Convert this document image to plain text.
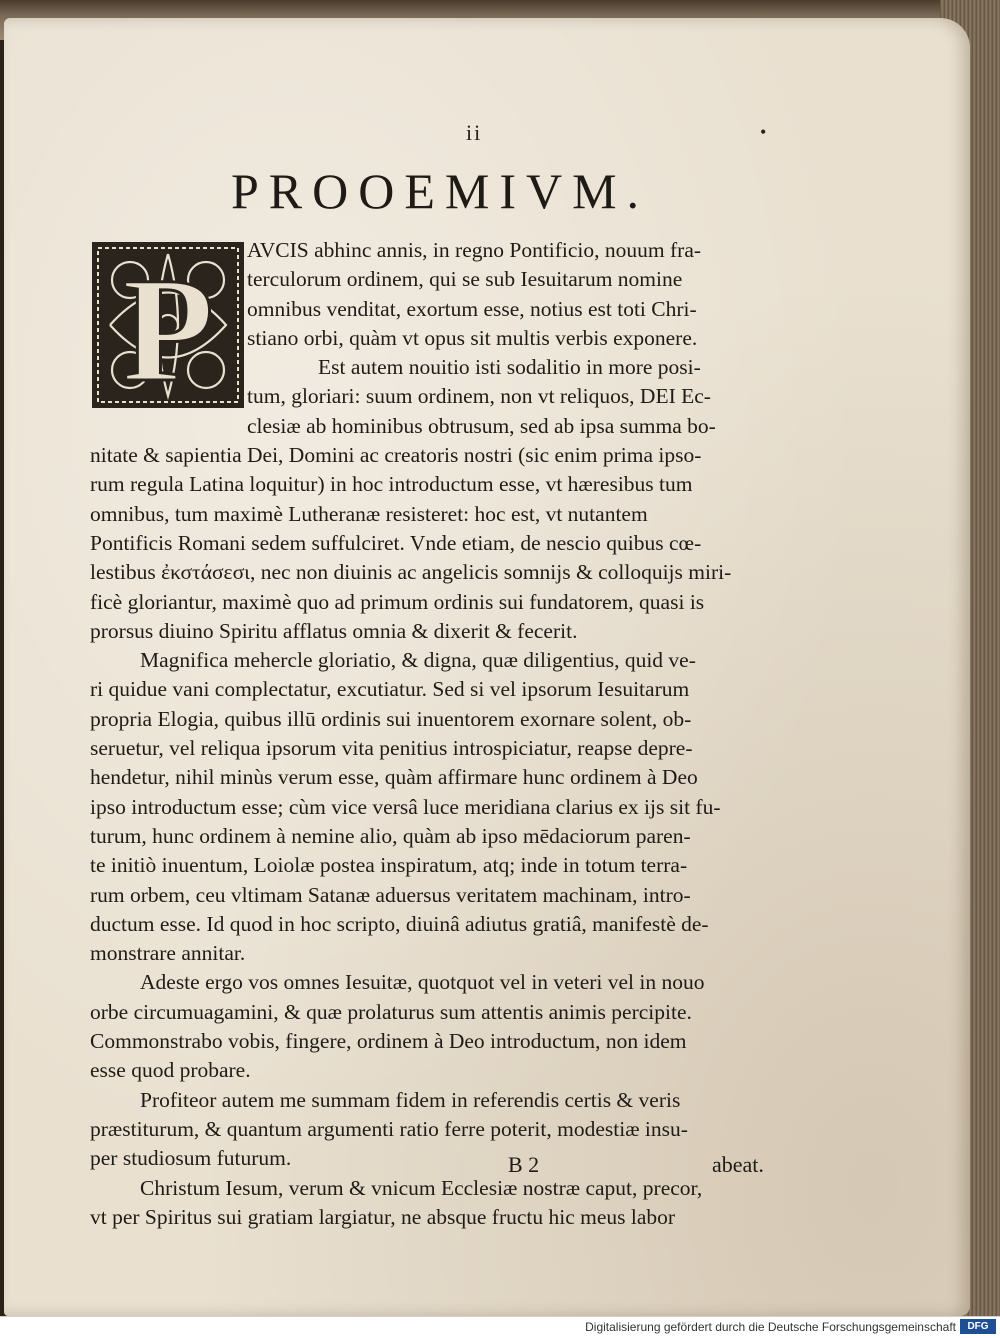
ii	•
PROOEMIVM.
P	AVCIS abhinc annis, in regno Pontificio, nouum fra-
terculorum ordinem, qui se sub Iesuitarum nomine
omnibus venditat, exortum esse, notius est toti Chri-
stiano orbi, quàm vt opus sit multis verbis exponere.
Est autem nouitio isti sodalitio in more posi-
tum, gloriari: suum ordinem, non vt reliquos, DEI Ec-
clesiæ ab hominibus obtrusum, sed ab ipsa summa bo-
nitate & sapientia Dei, Domini ac creatoris nostri (sic enim prima ipso-
rum regula Latina loquitur) in hoc introductum esse, vt hæresibus tum
omnibus, tum maximè Lutheranæ resisteret: hoc est, vt nutantem
Pontificis Romani sedem suffulciret. Vnde etiam, de nescio quibus cœ-
lestibus ἐκστάσεσι, nec non diuinis ac angelicis somnijs & colloquijs miri-
ficè gloriantur, maximè quo ad primum ordinis sui fundatorem, quasi is
prorsus diuino Spiritu afflatus omnia & dixerit & fecerit.
Magnifica mehercle gloriatio, & digna, quæ diligentius, quid ve-
ri quidue vani complectatur, excutiatur. Sed si vel ipsorum Iesuitarum
propria Elogia, quibus illū ordinis sui inuentorem exornare solent, ob-
seruetur, vel reliqua ipsorum vita penitius introspiciatur, reapse depre-
hendetur, nihil minùs verum esse, quàm affirmare hunc ordinem à Deo
ipso introductum esse; cùm vice versâ luce meridiana clarius ex ijs sit fu-
turum, hunc ordinem à nemine alio, quàm ab ipso mēdaciorum paren-
te initiò inuentum, Loiolæ postea inspiratum, atq; inde in totum terra-
rum orbem, ceu vltimam Satanæ aduersus veritatem machinam, intro-
ductum esse. Id quod in hoc scripto, diuinâ adiutus gratiâ, manifestè de-
monstrare annitar.
Adeste ergo vos omnes Iesuitæ, quotquot vel in veteri vel in nouo
orbe circumuagamini, & quæ prolaturus sum attentis animis percipite.
Commonstrabo vobis, fingere, ordinem à Deo introductum, non idem
esse quod probare.
Profiteor autem me summam fidem in referendis certis & veris
præstiturum, & quantum argumenti ratio ferre poterit, modestiæ insu-
per studiosum futurum.
Christum Iesum, verum & vnicum Ecclesiæ nostræ caput, precor,
vt per Spiritus sui gratiam largiatur, ne absque fructu hic meus labor
B 2	abeat.
Digitalisierung gefördert durch die Deutsche Forschungsgemeinschaft	DFG
